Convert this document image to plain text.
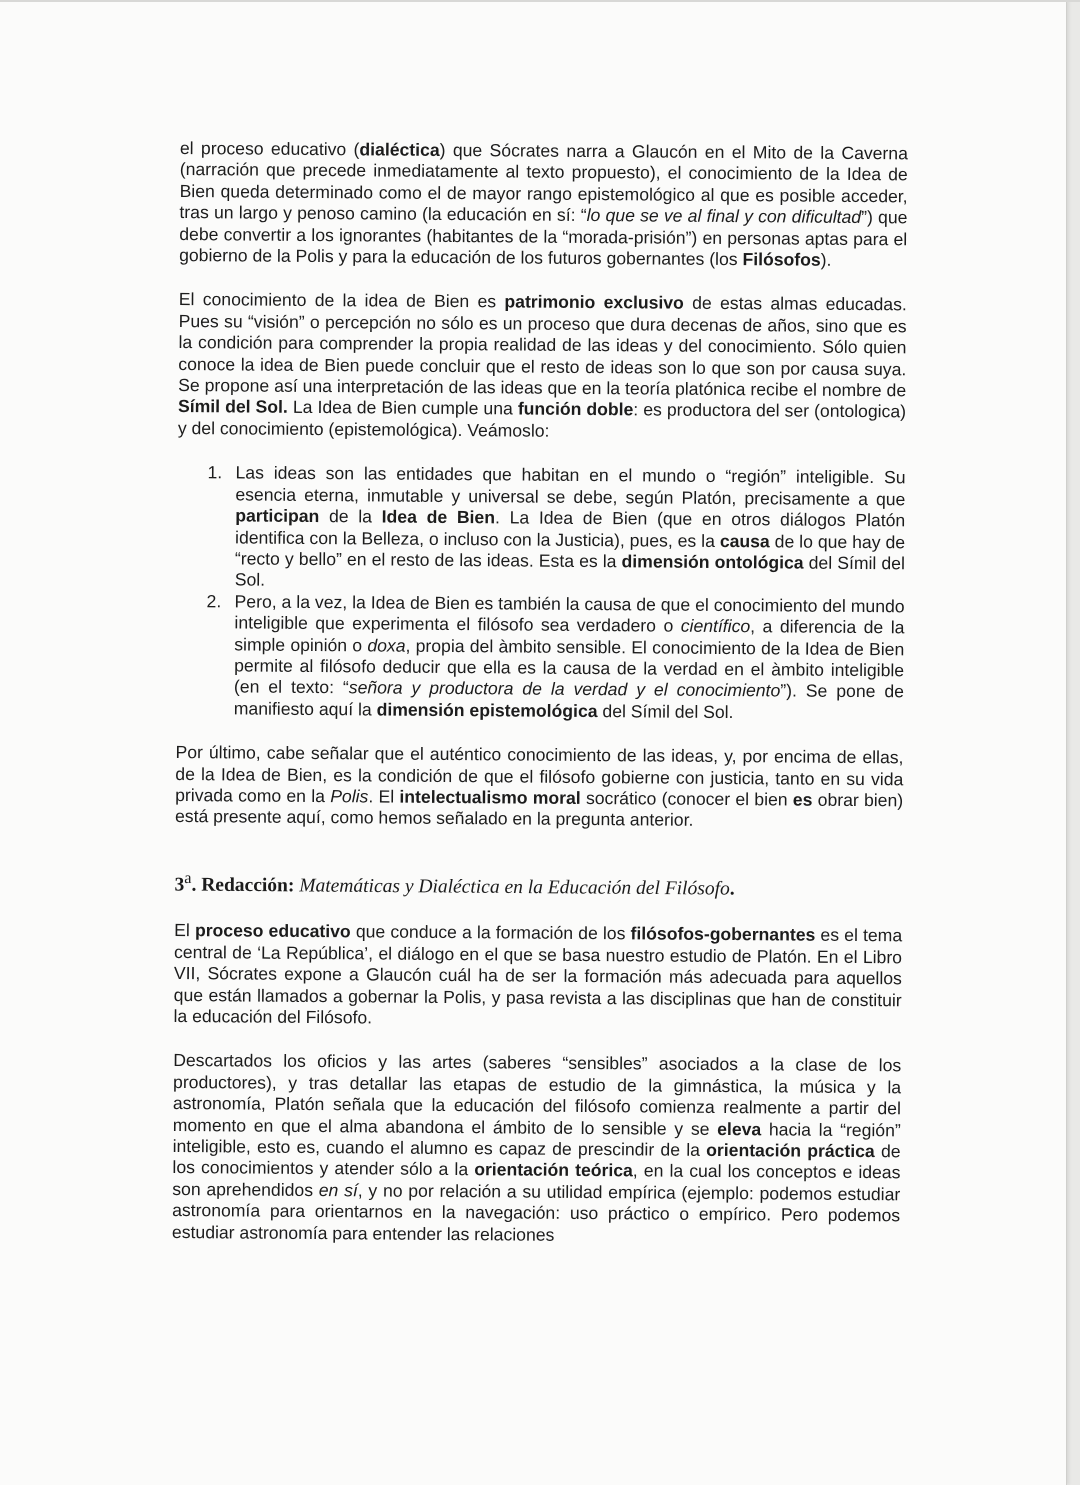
el proceso educativo (dialéctica) que Sócrates narra a Glaucón en el Mito de la Caverna (narración que precede inmediatamente al texto propuesto), el conocimiento de la Idea de Bien queda determinado como el de mayor rango epistemológico al que es posible acceder, tras un largo y penoso camino (la educación en sí: “lo que se ve al final y con dificultad”) que debe convertir a los ignorantes (habitantes de la “morada-prisión”) en personas aptas para el gobierno de la Polis y para la educación de los futuros gobernantes (los Filósofos).

El conocimiento de la idea de Bien es patrimonio exclusivo de estas almas educadas. Pues su “visión” o percepción no sólo es un proceso que dura decenas de años, sino que es la condición para comprender la propia realidad de las ideas y del conocimiento. Sólo quien conoce la idea de Bien puede concluir que el resto de ideas son lo que son por causa suya. Se propone así una interpretación de las ideas que en la teoría platónica recibe el nombre de Símil del Sol. La Idea de Bien cumple una función doble: es productora del ser (ontologica) y del conocimiento (epistemológica). Veámoslo:

1. Las ideas son las entidades que habitan en el mundo o “región” inteligible. Su esencia eterna, inmutable y universal se debe, según Platón, precisamente a que participan de la Idea de Bien. La Idea de Bien (que en otros diálogos Platón identifica con la Belleza, o incluso con la Justicia), pues, es la causa de lo que hay de “recto y bello” en el resto de las ideas. Esta es la dimensión ontológica del Símil del Sol.
2. Pero, a la vez, la Idea de Bien es también la causa de que el conocimiento del mundo inteligible que experimenta el filósofo sea verdadero o científico, a diferencia de la simple opinión o doxa, propia del àmbito sensible. El conocimiento de la Idea de Bien permite al filósofo deducir que ella es la causa de la verdad en el àmbito inteligible (en el texto: “señora y productora de la verdad y el conocimiento”). Se pone de manifiesto aquí la dimensión epistemológica del Símil del Sol.

Por último, cabe señalar que el auténtico conocimiento de las ideas, y, por encima de ellas, de la Idea de Bien, es la condición de que el filósofo gobierne con justicia, tanto en su vida privada como en la Polis. El intelectualismo moral socrático (conocer el bien es obrar bien) está presente aquí, como hemos señalado en la pregunta anterior.

3$^a$. Redacción: Matemáticas y Dialéctica en la Educación del Filósofo.

El proceso educativo que conduce a la formación de los filósofos-gobernantes es el tema central de ‘La República’, el diálogo en el que se basa nuestro estudio de Platón. En el Libro VII, Sócrates expone a Glaucón cuál ha de ser la formación más adecuada para aquellos que están llamados a gobernar la Polis, y pasa revista a las disciplinas que han de constituir la educación del Filósofo.

Descartados los oficios y las artes (saberes “sensibles” asociados a la clase de los productores), y tras detallar las etapas de estudio de la gimnástica, la música y la astronomía, Platón señala que la educación del filósofo comienza realmente a partir del momento en que el alma abandona el ámbito de lo sensible y se eleva hacia la “región” inteligible, esto es, cuando el alumno es capaz de prescindir de la orientación práctica de los conocimientos y atender sólo a la orientación teórica, en la cual los conceptos e ideas son aprehendidos en sí, y no por relación a su utilidad empírica (ejemplo: podemos estudiar astronomía para orientarnos en la navegación: uso práctico o empírico. Pero podemos estudiar astronomía para entender las relaciones
